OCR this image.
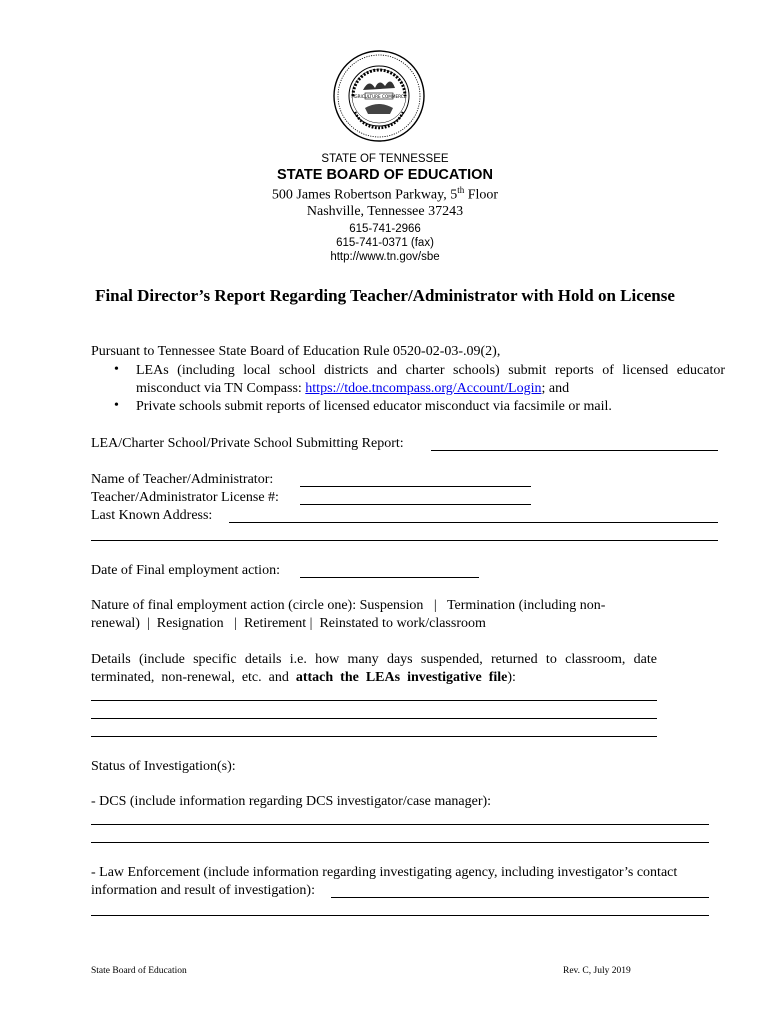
AGRICULTURE COMMERCE
STATE OF TENNESSEE
STATE BOARD OF EDUCATION
500 James Robertson Parkway, 5th Floor
Nashville, Tennessee 37243
615-741-2966
615-741-0371 (fax)
http://www.tn.gov/sbe
Final Director’s Report Regarding Teacher/Administrator with Hold on License
Pursuant to Tennessee State Board of Education Rule 0520-02-03-.09(2),
• LEAs (including local school districts and charter schools) submit reports of licensed educator
misconduct via TN Compass: https://tdoe.tncompass.org/Account/Login; and
• Private schools submit reports of licensed educator misconduct via facsimile or mail.
LEA/Charter School/Private School Submitting Report:
Name of Teacher/Administrator:
Teacher/Administrator License #:
Last Known Address:
Date of Final employment action:
Nature of final employment action (circle one): Suspension   |   Termination (including non-
renewal)  |  Resignation   |  Retirement |  Reinstated to work/classroom
Details (include specific details i.e. how many days suspended, returned to classroom, date
terminated,  non-renewal,  etc.  and  attach  the  LEAs  investigative  file):
Status of Investigation(s):
- DCS (include information regarding DCS investigator/case manager):
- Law Enforcement (include information regarding investigating agency, including investigator’s contact
information and result of investigation):
State Board of Education	Rev. C, July 2019
